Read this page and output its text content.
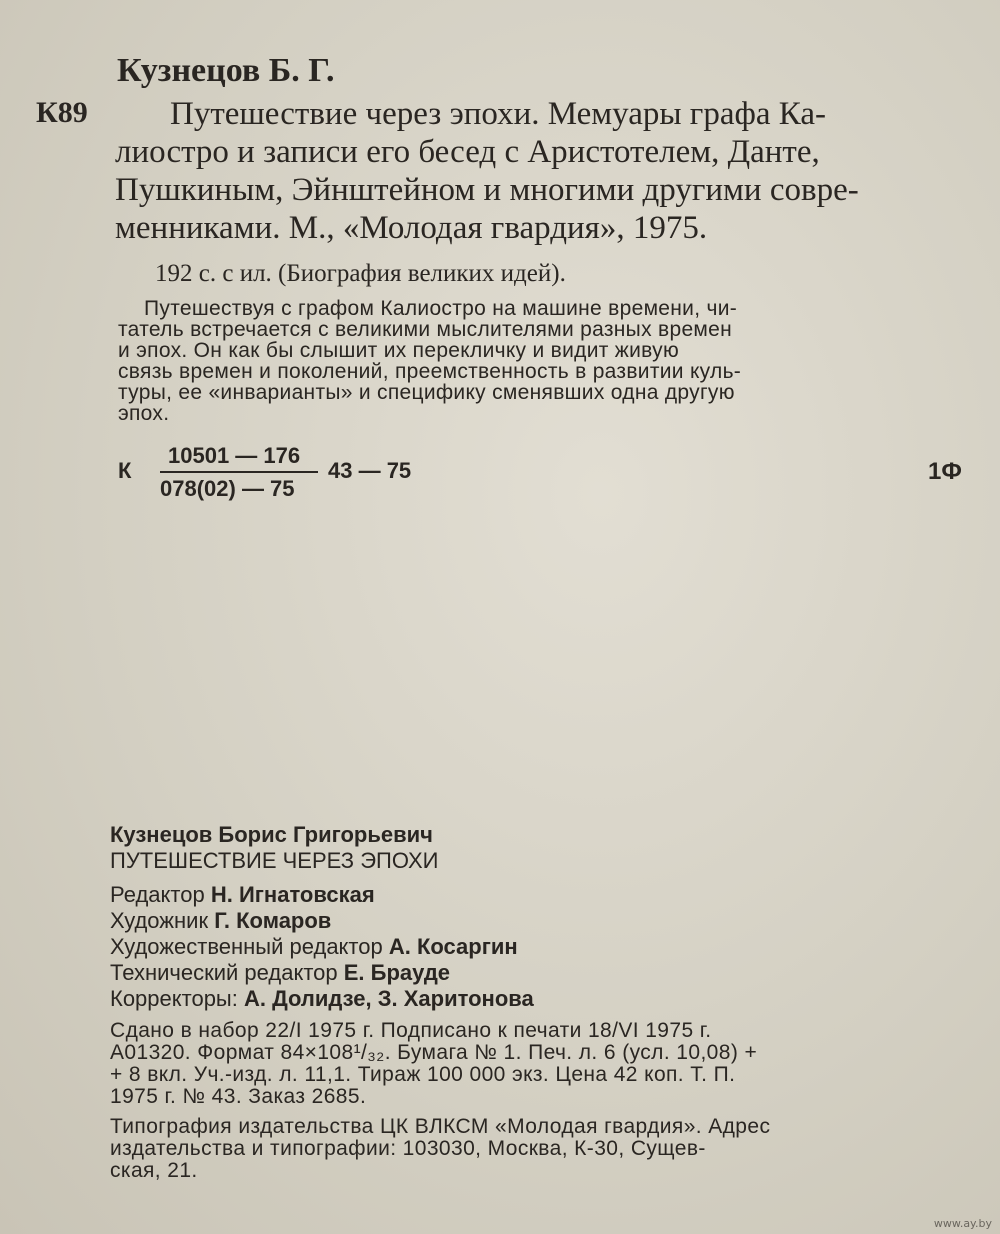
Кузнецов Б. Г.
К89 Путешествие через эпохи. Мемуары графа Ка-
лиостро и записи его бесед с Аристотелем, Данте,
Пушкиным, Эйнштейном и многими другими совре-
менниками. М., «Молодая гвардия», 1975.
192 с. с ил. (Биография великих идей).
Путешествуя с графом Калиостро на машине времени, чи-
татель встречается с великими мыслителями разных времен
и эпох. Он как бы слышит их перекличку и видит живую
связь времен и поколений, преемственность в развитии куль-
туры, ее «инварианты» и специфику сменявших одна другую
эпох.
К
10501 — 176
078(02) — 75
43 — 75	1Ф
Кузнецов Борис Григорьевич
ПУТЕШЕСТВИЕ ЧЕРЕЗ ЭПОХИ
Редактор Н. Игнатовская
Художник Г. Комаров
Художественный редактор А. Косаргин
Технический редактор Е. Брауде
Корректоры: А. Долидзе, З. Харитонова
Сдано в набор 22/I 1975 г. Подписано к печати 18/VI 1975 г.
А01320. Формат 84×108¹/₃₂. Бумага № 1. Печ. л. 6 (усл. 10,08) +
+ 8 вкл. Уч.-изд. л. 11,1. Тираж 100 000 экз. Цена 42 коп. Т. П.
1975 г. № 43. Заказ 2685.
Типография издательства ЦК ВЛКСМ «Молодая гвардия». Адрес
издательства и типографии: 103030, Москва, К-30, Сущев-
ская, 21.
www.ay.by
